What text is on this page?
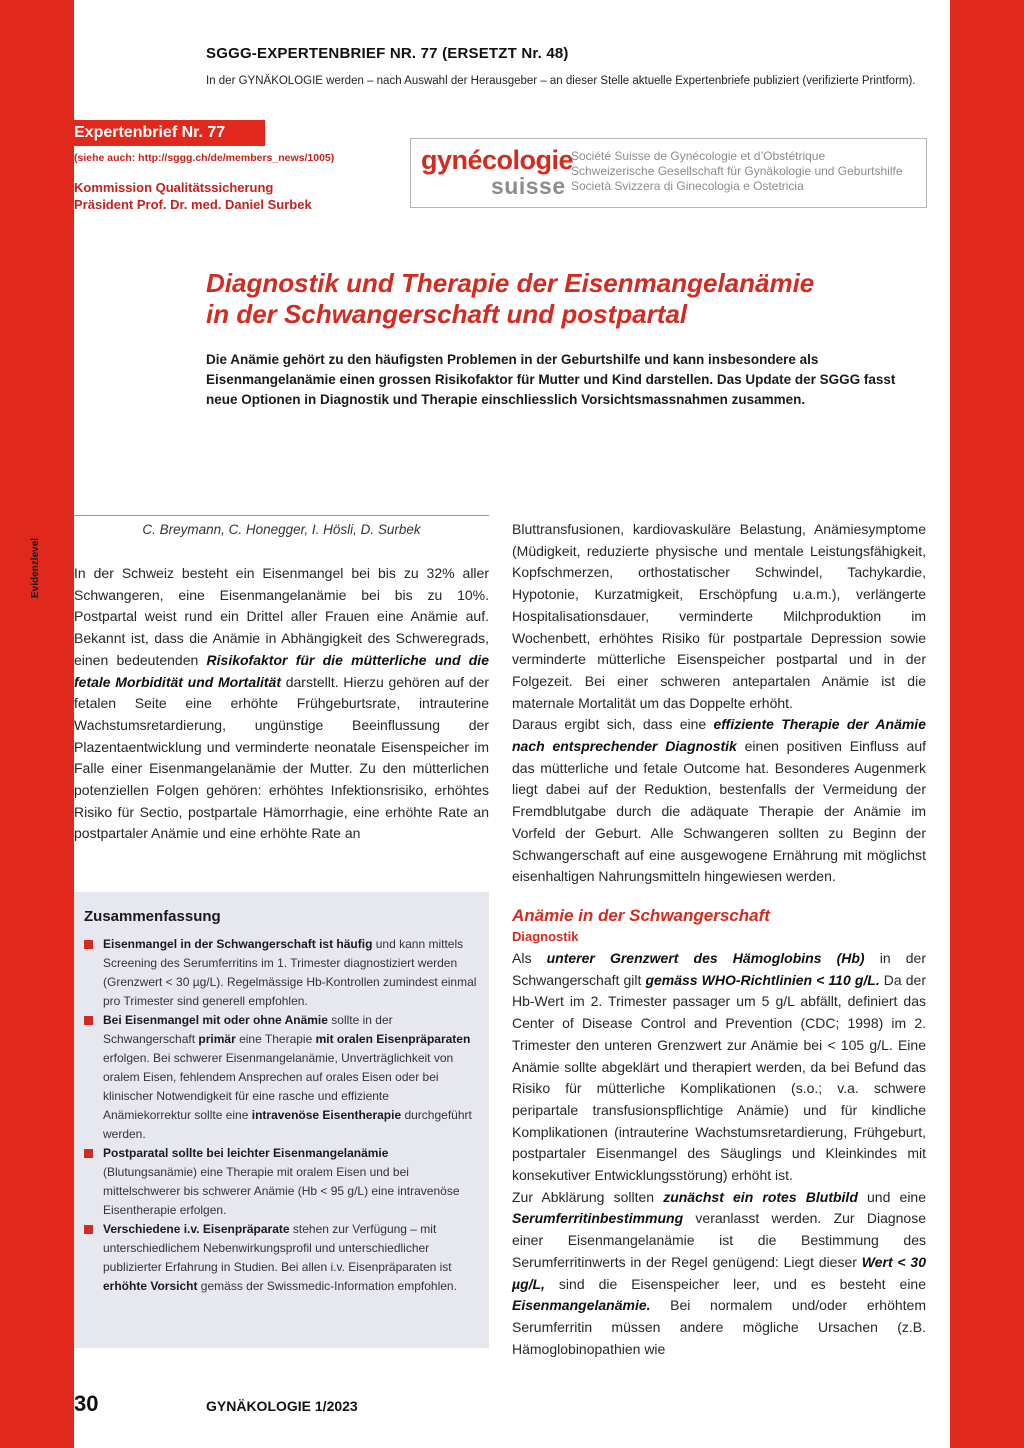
SGGG-EXPERTENBRIEF NR. 77 (ERSETZT Nr. 48)
In der GYNÄKOLOGIE werden – nach Auswahl der Herausgeber – an dieser Stelle aktuelle Expertenbriefe publiziert (verifizierte Printform).
Expertenbrief Nr. 77
(siehe auch: http://sggg.ch/de/members_news/1005)
Kommission Qualitätssicherung
Präsident Prof. Dr. med. Daniel Surbek
gynécologie
suisse
Société Suisse de Gynécologie et d’Obstétrique
Schweizerische Gesellschaft für Gynäkologie und Geburtshilfe
Società Svizzera di Ginecologia e Ostetricia
Diagnostik und Therapie der Eisenmangelanämie
in der Schwangerschaft und postpartal
Die Anämie gehört zu den häufigsten Problemen in der Geburtshilfe und kann insbesondere als Eisenmangelanämie einen grossen Risikofaktor für Mutter und Kind darstellen. Das Update der SGGG fasst neue Optionen in Diagnostik und Therapie einschliesslich Vorsichtsmassnahmen zusammen.
Evidenzlevel
C. Breymann, C. Honegger, I. Hösli, D. Surbek

In der Schweiz besteht ein Eisenmangel bei bis zu 32% aller Schwangeren, eine Eisenmangelanämie bei bis zu 10%. Postpartal weist rund ein Drittel aller Frauen eine Anämie auf. Bekannt ist, dass die Anämie in Abhängigkeit des Schweregrads, einen bedeutenden Risikofaktor für die mütterliche und die fetale Morbidität und Mortalität darstellt. Hierzu gehören auf der fetalen Seite eine erhöhte Frühgeburtsrate, intrauterine Wachstumsretardierung, ungünstige Beeinflussung der Plazentaentwicklung und verminderte neonatale Eisenspeicher im Falle einer Eisenmangelanämie der Mutter. Zu den mütterlichen potenziellen Folgen gehören: erhöhtes Infektionsrisiko, erhöhtes Risiko für Sectio, postpartale Hämorrhagie, eine erhöhte Rate an postpartaler Anämie und eine erhöhte Rate an

Zusammenfassung
Eisenmangel in der Schwangerschaft ist häufig und kann mittels Screening des Serumferritins im 1. Trimester diagnostiziert werden (Grenzwert < 30 µg/L). Regelmässige Hb-Kontrollen zumindest einmal pro Trimester sind generell empfohlen.
Bei Eisenmangel mit oder ohne Anämie sollte in der Schwangerschaft primär eine Therapie mit oralen Eisenpräparaten erfolgen. Bei schwerer Eisenmangelanämie, Unverträglichkeit von oralem Eisen, fehlendem Ansprechen auf orales Eisen oder bei klinischer Notwendigkeit für eine rasche und effiziente Anämiekorrektur sollte eine intravenöse Eisentherapie durchgeführt werden.
Postparatal sollte bei leichter Eisenmangelanämie (Blutungsanämie) eine Therapie mit oralem Eisen und bei mittelschwerer bis schwerer Anämie (Hb < 95 g/L) eine intravenöse Eisentherapie erfolgen.
Verschiedene i.v. Eisenpräparate stehen zur Verfügung – mit unterschiedlichem Nebenwirkungsprofil und unterschiedlicher publizierter Erfahrung in Studien. Bei allen i.v. Eisenpräparaten ist erhöhte Vorsicht gemäss der Swissmedic-Information empfohlen.

Bluttransfusionen, kardiovaskuläre Belastung, Anämiesymptome (Müdigkeit, reduzierte physische und mentale Leistungsfähigkeit, Kopfschmerzen, orthostatischer Schwindel, Tachykardie, Hypotonie, Kurzatmigkeit, Erschöpfung u.a.m.), verlängerte Hospitalisationsdauer, verminderte Milchproduktion im Wochenbett, erhöhtes Risiko für postpartale Depression sowie verminderte mütterliche Eisenspeicher postpartal und in der Folgezeit. Bei einer schweren antepartalen Anämie ist die maternale Mortalität um das Doppelte erhöht.

Daraus ergibt sich, dass eine effiziente Therapie der Anämie nach entsprechender Diagnostik einen positiven Einfluss auf das mütterliche und fetale Outcome hat. Besonderes Augenmerk liegt dabei auf der Reduktion, bestenfalls der Vermeidung der Fremdblutgabe durch die adäquate Therapie der Anämie im Vorfeld der Geburt. Alle Schwangeren sollten zu Beginn der Schwangerschaft auf eine ausgewogene Ernährung mit möglichst eisenhaltigen Nahrungsmitteln hingewiesen werden.

Anämie in der Schwangerschaft
Diagnostik

Als unterer Grenzwert des Hämoglobins (Hb) in der Schwangerschaft gilt gemäss WHO-Richtlinien < 110 g/L. Da der Hb-Wert im 2. Trimester passager um 5 g/L abfällt, definiert das Center of Disease Control and Prevention (CDC; 1998) im 2. Trimester den unteren Grenzwert zur Anämie bei < 105 g/L. Eine Anämie sollte abgeklärt und therapiert werden, da bei Befund das Risiko für mütterliche Komplikationen (s.o.; v.a. schwere peripartale transfusionspflichtige Anämie) und für kindliche Komplikationen (intrauterine Wachstumsretardierung, Frühgeburt, postpartaler Eisenmangel des Säuglings und Kleinkindes mit konsekutiver Entwicklungsstörung) erhöht ist.

Zur Abklärung sollten zunächst ein rotes Blutbild und eine Serumferritinbestimmung veranlasst werden. Zur Diagnose einer Eisenmangelanämie ist die Bestimmung des Serumferritinwerts in der Regel genügend: Liegt dieser Wert < 30 µg/L, sind die Eisenspeicher leer, und es besteht eine Eisenmangelanämie. Bei normalem und/oder erhöhtem Serumferritin müssen andere mögliche Ursachen (z.B. Hämoglobinopathien wie

30	GYNÄKOLOGIE 1/2023
